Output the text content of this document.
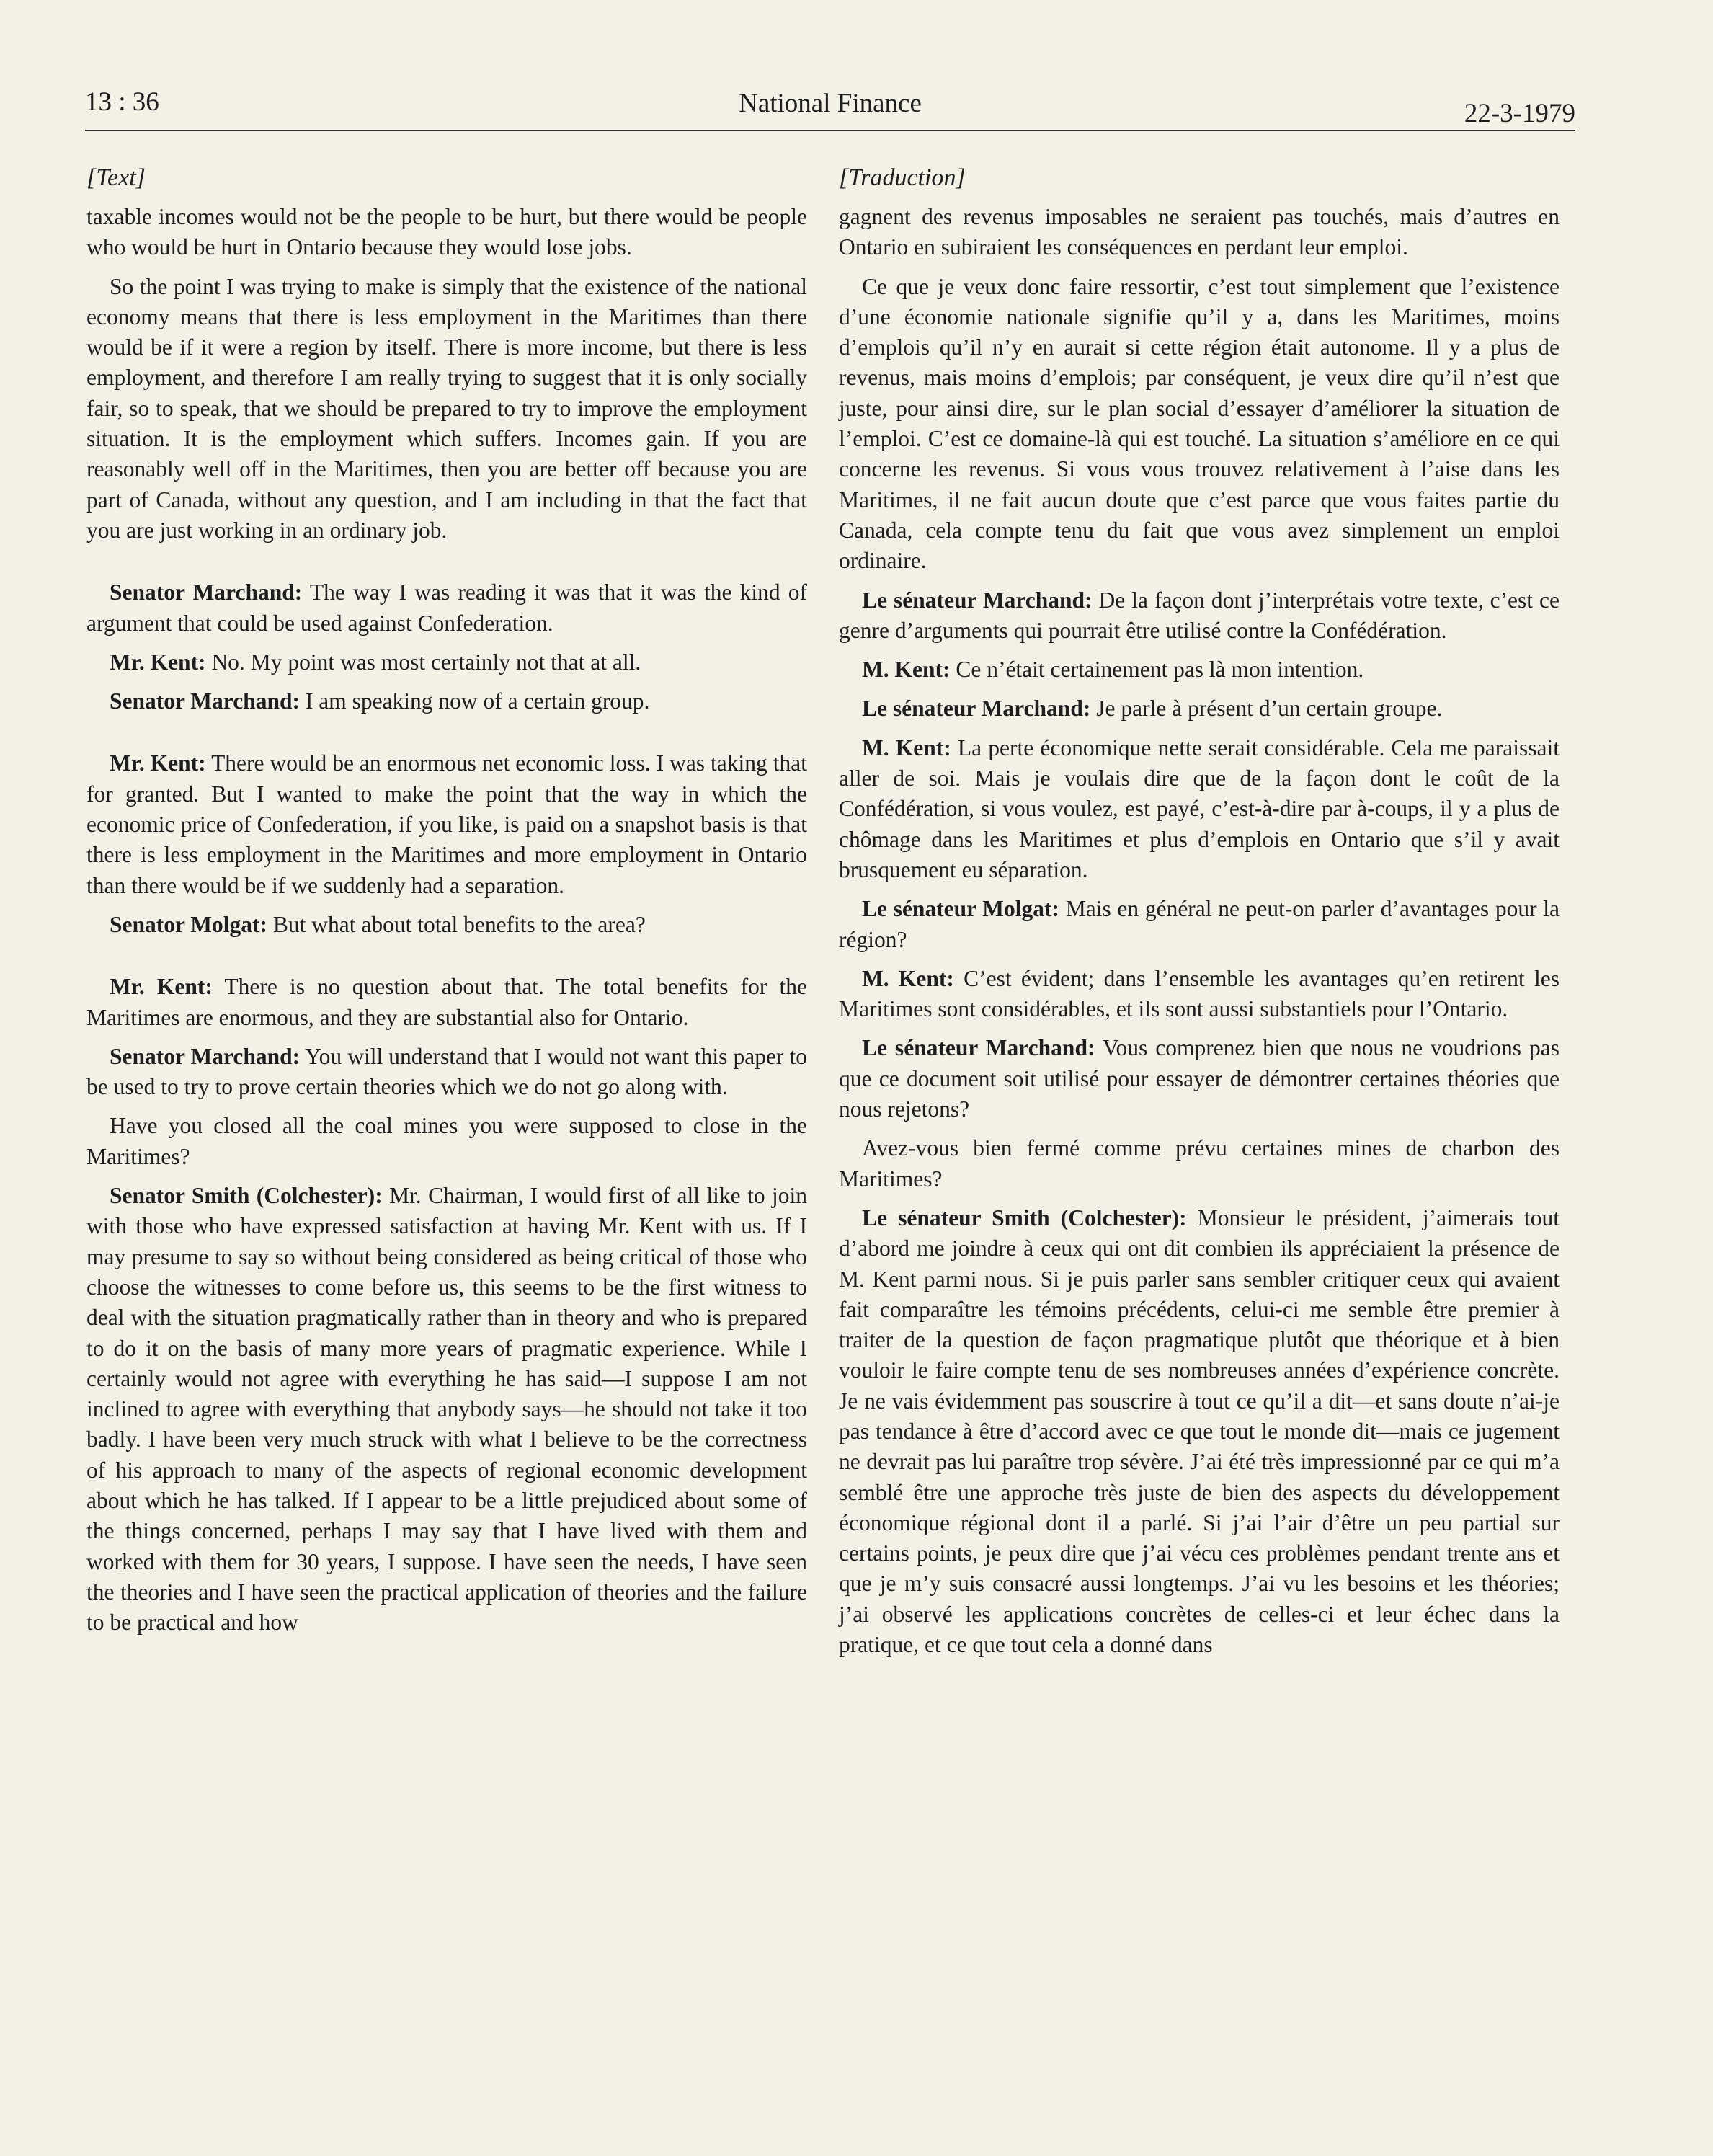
13 : 36	National Finance	22-3-1979
[Text]
taxable incomes would not be the people to be hurt, but there would be people who would be hurt in Ontario because they would lose jobs.
So the point I was trying to make is simply that the existence of the national economy means that there is less employment in the Maritimes than there would be if it were a region by itself. There is more income, but there is less employment, and therefore I am really trying to suggest that it is only socially fair, so to speak, that we should be prepared to try to improve the employment situation. It is the employment which suffers. Incomes gain. If you are reasonably well off in the Maritimes, then you are better off because you are part of Canada, without any question, and I am including in that the fact that you are just working in an ordinary job.
Senator Marchand: The way I was reading it was that it was the kind of argument that could be used against Confederation.
Mr. Kent: No. My point was most certainly not that at all.
Senator Marchand: I am speaking now of a certain group.
Mr. Kent: There would be an enormous net economic loss. I was taking that for granted. But I wanted to make the point that the way in which the economic price of Confederation, if you like, is paid on a snapshot basis is that there is less employment in the Maritimes and more employment in Ontario than there would be if we suddenly had a separation.
Senator Molgat: But what about total benefits to the area?
Mr. Kent: There is no question about that. The total benefits for the Maritimes are enormous, and they are substantial also for Ontario.
Senator Marchand: You will understand that I would not want this paper to be used to try to prove certain theories which we do not go along with.
Have you closed all the coal mines you were supposed to close in the Maritimes?
Senator Smith (Colchester): Mr. Chairman, I would first of all like to join with those who have expressed satisfaction at having Mr. Kent with us. If I may presume to say so without being considered as being critical of those who choose the witnesses to come before us, this seems to be the first witness to deal with the situation pragmatically rather than in theory and who is prepared to do it on the basis of many more years of pragmatic experience. While I certainly would not agree with everything he has said—I suppose I am not inclined to agree with everything that anybody says—he should not take it too badly. I have been very much struck with what I believe to be the correctness of his approach to many of the aspects of regional economic development about which he has talked. If I appear to be a little prejudiced about some of the things concerned, perhaps I may say that I have lived with them and worked with them for 30 years, I suppose. I have seen the needs, I have seen the theories and I have seen the practical application of theories and the failure to be practical and how
[Traduction]
gagnent des revenus imposables ne seraient pas touchés, mais d’autres en Ontario en subiraient les conséquences en perdant leur emploi.
Ce que je veux donc faire ressortir, c’est tout simplement que l’existence d’une économie nationale signifie qu’il y a, dans les Maritimes, moins d’emplois qu’il n’y en aurait si cette région était autonome. Il y a plus de revenus, mais moins d’emplois; par conséquent, je veux dire qu’il n’est que juste, pour ainsi dire, sur le plan social d’essayer d’améliorer la situation de l’emploi. C’est ce domaine-là qui est touché. La situation s’améliore en ce qui concerne les revenus. Si vous vous trouvez relativement à l’aise dans les Maritimes, il ne fait aucun doute que c’est parce que vous faites partie du Canada, cela compte tenu du fait que vous avez simplement un emploi ordinaire.
Le sénateur Marchand: De la façon dont j’interprétais votre texte, c’est ce genre d’arguments qui pourrait être utilisé contre la Confédération.
M. Kent: Ce n’était certainement pas là mon intention.
Le sénateur Marchand: Je parle à présent d’un certain groupe.
M. Kent: La perte économique nette serait considérable. Cela me paraissait aller de soi. Mais je voulais dire que de la façon dont le coût de la Confédération, si vous voulez, est payé, c’est-à-dire par à-coups, il y a plus de chômage dans les Maritimes et plus d’emplois en Ontario que s’il y avait brusquement eu séparation.
Le sénateur Molgat: Mais en général ne peut-on parler d’avantages pour la région?
M. Kent: C’est évident; dans l’ensemble les avantages qu’en retirent les Maritimes sont considérables, et ils sont aussi substantiels pour l’Ontario.
Le sénateur Marchand: Vous comprenez bien que nous ne voudrions pas que ce document soit utilisé pour essayer de démontrer certaines théories que nous rejetons?
Avez-vous bien fermé comme prévu certaines mines de charbon des Maritimes?
Le sénateur Smith (Colchester): Monsieur le président, j’aimerais tout d’abord me joindre à ceux qui ont dit combien ils appréciaient la présence de M. Kent parmi nous. Si je puis parler sans sembler critiquer ceux qui avaient fait comparaître les témoins précédents, celui-ci me semble être premier à traiter de la question de façon pragmatique plutôt que théorique et à bien vouloir le faire compte tenu de ses nombreuses années d’expérience concrète. Je ne vais évidemment pas souscrire à tout ce qu’il a dit—et sans doute n’ai-je pas tendance à être d’accord avec ce que tout le monde dit—mais ce jugement ne devrait pas lui paraître trop sévère. J’ai été très impressionné par ce qui m’a semblé être une approche très juste de bien des aspects du développement économique régional dont il a parlé. Si j’ai l’air d’être un peu partial sur certains points, je peux dire que j’ai vécu ces problèmes pendant trente ans et que je m’y suis consacré aussi longtemps. J’ai vu les besoins et les théories; j’ai observé les applications concrètes de celles-ci et leur échec dans la pratique, et ce que tout cela a donné dans
